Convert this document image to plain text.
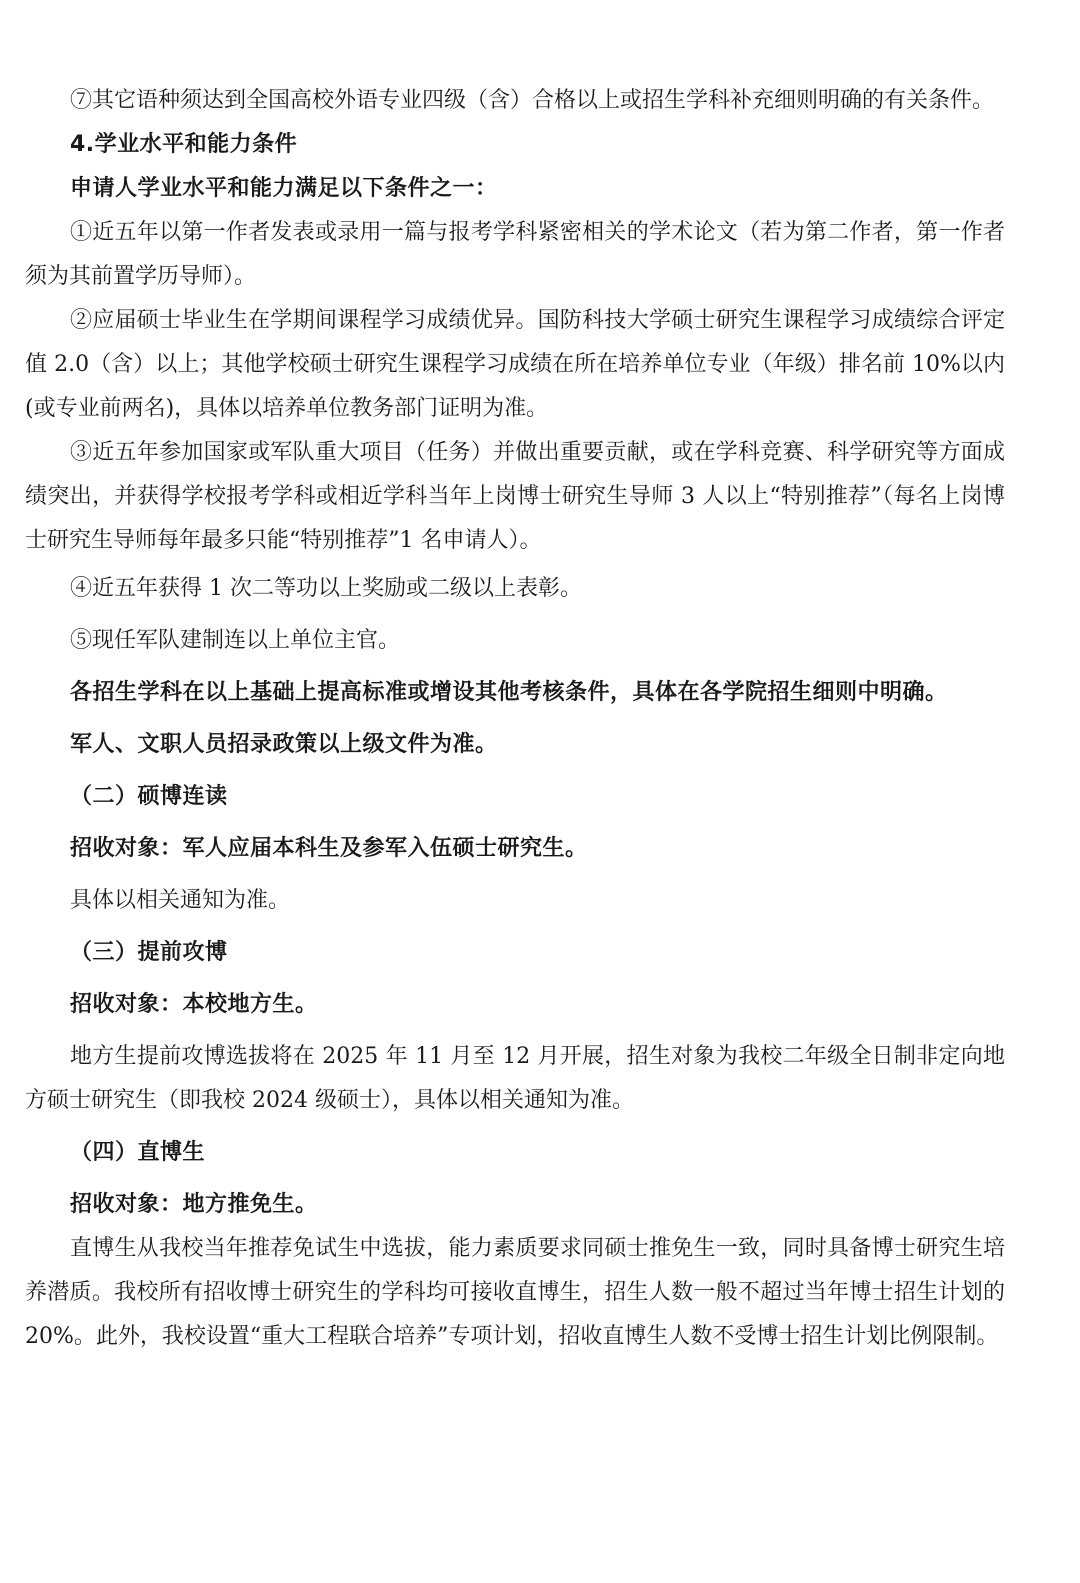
⑦其它语种须达到全国高校外语专业四级（含）合格以上或招生学科补充细则明确的有关条件。

4.学业水平和能力条件

申请人学业水平和能力满足以下条件之一：

①近五年以第一作者发表或录用一篇与报考学科紧密相关的学术论文（若为第二作者，第一作者须为其前置学历导师）。

②应届硕士毕业生在学期间课程学习成绩优异。国防科技大学硕士研究生课程学习成绩综合评定值 2.0（含）以上；其他学校硕士研究生课程学习成绩在所在培养单位专业（年级）排名前 10%以内(或专业前两名)，具体以培养单位教务部门证明为准。

③近五年参加国家或军队重大项目（任务）并做出重要贡献，或在学科竞赛、科学研究等方面成绩突出，并获得学校报考学科或相近学科当年上岗博士研究生导师 3 人以上“特别推荐”（每名上岗博士研究生导师每年最多只能“特别推荐”1 名申请人）。

④近五年获得 1 次二等功以上奖励或二级以上表彰。

⑤现任军队建制连以上单位主官。

各招生学科在以上基础上提高标准或增设其他考核条件，具体在各学院招生细则中明确。

军人、文职人员招录政策以上级文件为准。

（二）硕博连读

招收对象：军人应届本科生及参军入伍硕士研究生。

具体以相关通知为准。

（三）提前攻博

招收对象：本校地方生。

地方生提前攻博选拔将在 2025 年 11 月至 12 月开展，招生对象为我校二年级全日制非定向地方硕士研究生（即我校 2024 级硕士），具体以相关通知为准。

（四）直博生

招收对象：地方推免生。

直博生从我校当年推荐免试生中选拔，能力素质要求同硕士推免生一致，同时具备博士研究生培养潜质。我校所有招收博士研究生的学科均可接收直博生，招生人数一般不超过当年博士招生计划的 20%。此外，我校设置“重大工程联合培养”专项计划，招收直博生人数不受博士招生计划比例限制。
